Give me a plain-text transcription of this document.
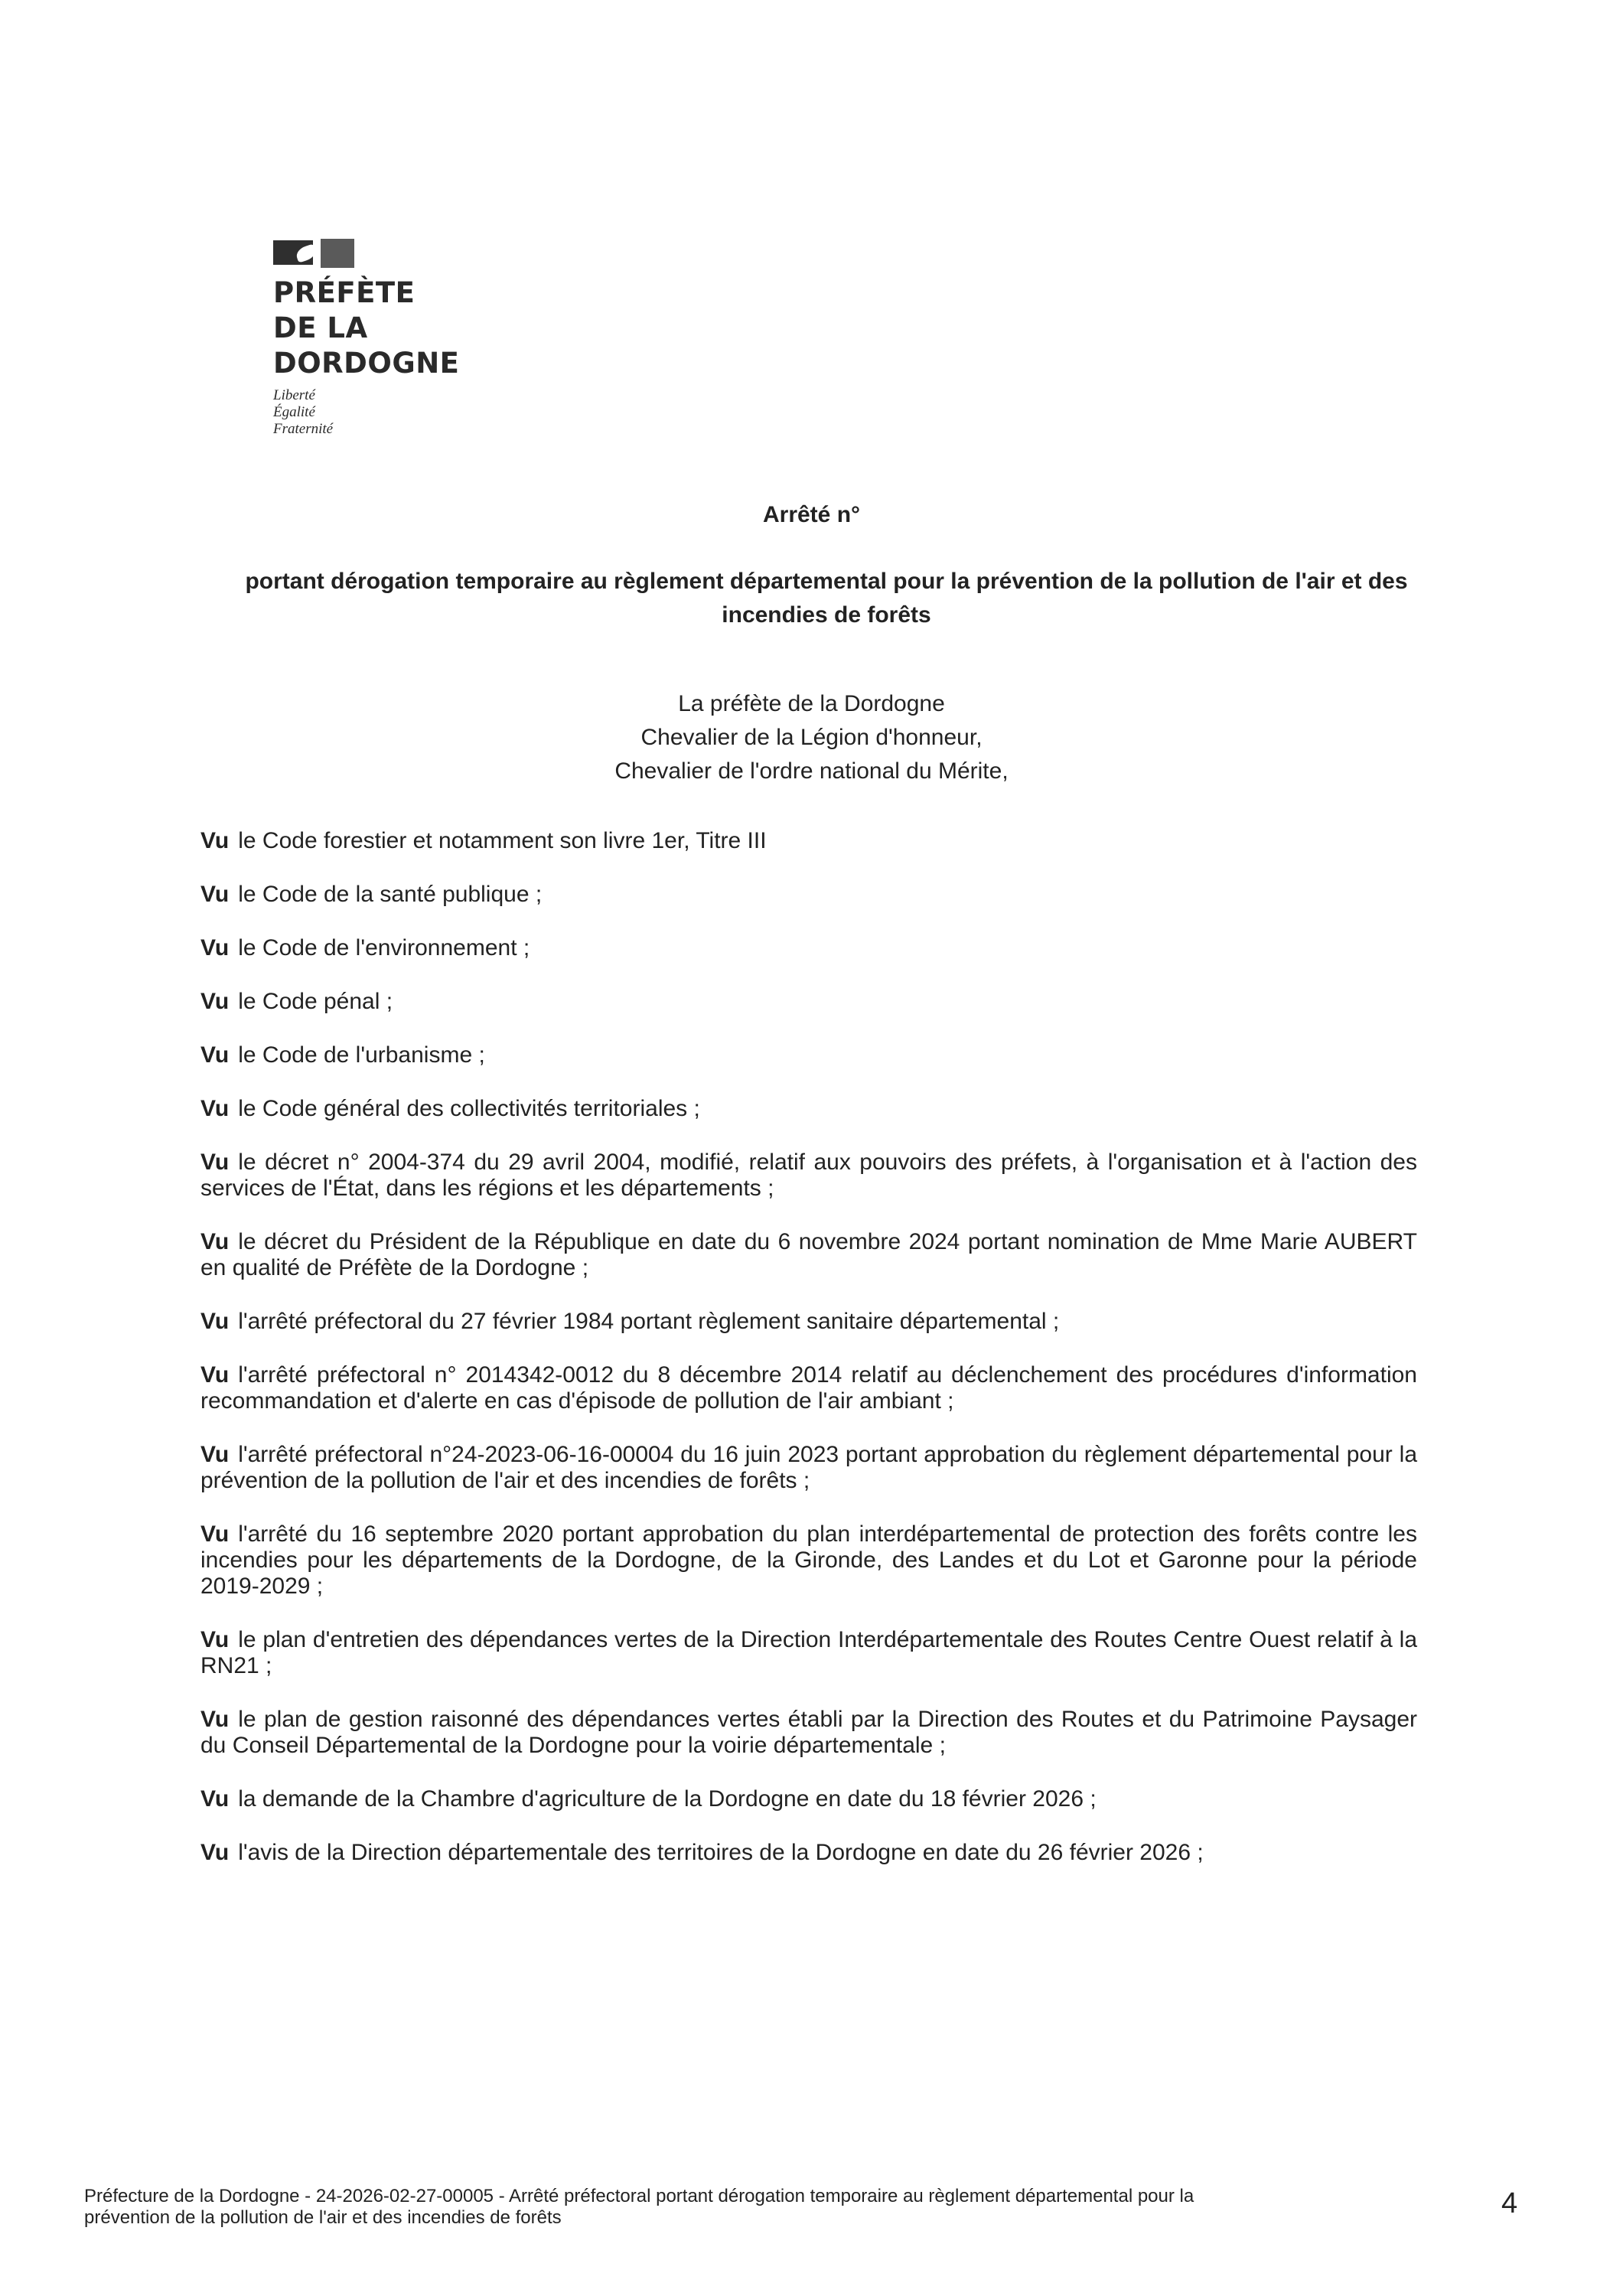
PRÉFÈTE
DE LA
DORDOGNE
Liberté
Égalité
Fraternité
Arrêté n°
portant dérogation temporaire au règlement départemental pour la prévention de la pollution de l'air et des incendies de forêts
La préfète de la Dordogne
Chevalier de la Légion d'honneur,
Chevalier de l'ordre national du Mérite,

Vu le Code forestier et notamment son livre 1er, Titre III

Vu le Code de la santé publique ;

Vu le Code de l'environnement ;

Vu le Code pénal ;

Vu le Code de l'urbanisme ;

Vu le Code général des collectivités territoriales ;

Vu le décret n° 2004-374 du 29 avril 2004, modifié, relatif aux pouvoirs des préfets, à l'organisation et à l'action des services de l'État, dans les régions et les départements ;

Vu le décret du Président de la République en date du 6 novembre 2024 portant nomination de Mme Marie AUBERT en qualité de Préfète de la Dordogne ;

Vu l'arrêté préfectoral du 27 février 1984 portant règlement sanitaire départemental ;

Vu l'arrêté préfectoral n° 2014342-0012 du 8 décembre 2014 relatif au déclenchement des procédures d'information recommandation et d'alerte en cas d'épisode de pollution de l'air ambiant ;

Vu l'arrêté préfectoral n°24-2023-06-16-00004 du 16 juin 2023 portant approbation du règlement départemental pour la prévention de la pollution de l'air et des incendies de forêts ;

Vu l'arrêté du 16 septembre 2020 portant approbation du plan interdépartemental de protection des forêts contre les incendies pour les départements de la Dordogne, de la Gironde, des Landes et du Lot et Garonne pour la période 2019-2029 ;

Vu le plan d'entretien des dépendances vertes de la Direction Interdépartementale des Routes Centre Ouest relatif à la RN21 ;

Vu le plan de gestion raisonné des dépendances vertes établi par la Direction des Routes et du Patrimoine Paysager du Conseil Départemental de la Dordogne pour la voirie départementale ;

Vu la demande de la Chambre d'agriculture de la Dordogne en date du 18 février 2026 ;

Vu l'avis de la Direction départementale des territoires de la Dordogne en date du 26 février 2026 ;

Préfecture de la Dordogne - 24-2026-02-27-00005 - Arrêté préfectoral portant dérogation temporaire au règlement départemental pour la
prévention de la pollution de l'air et des incendies de forêts	4
